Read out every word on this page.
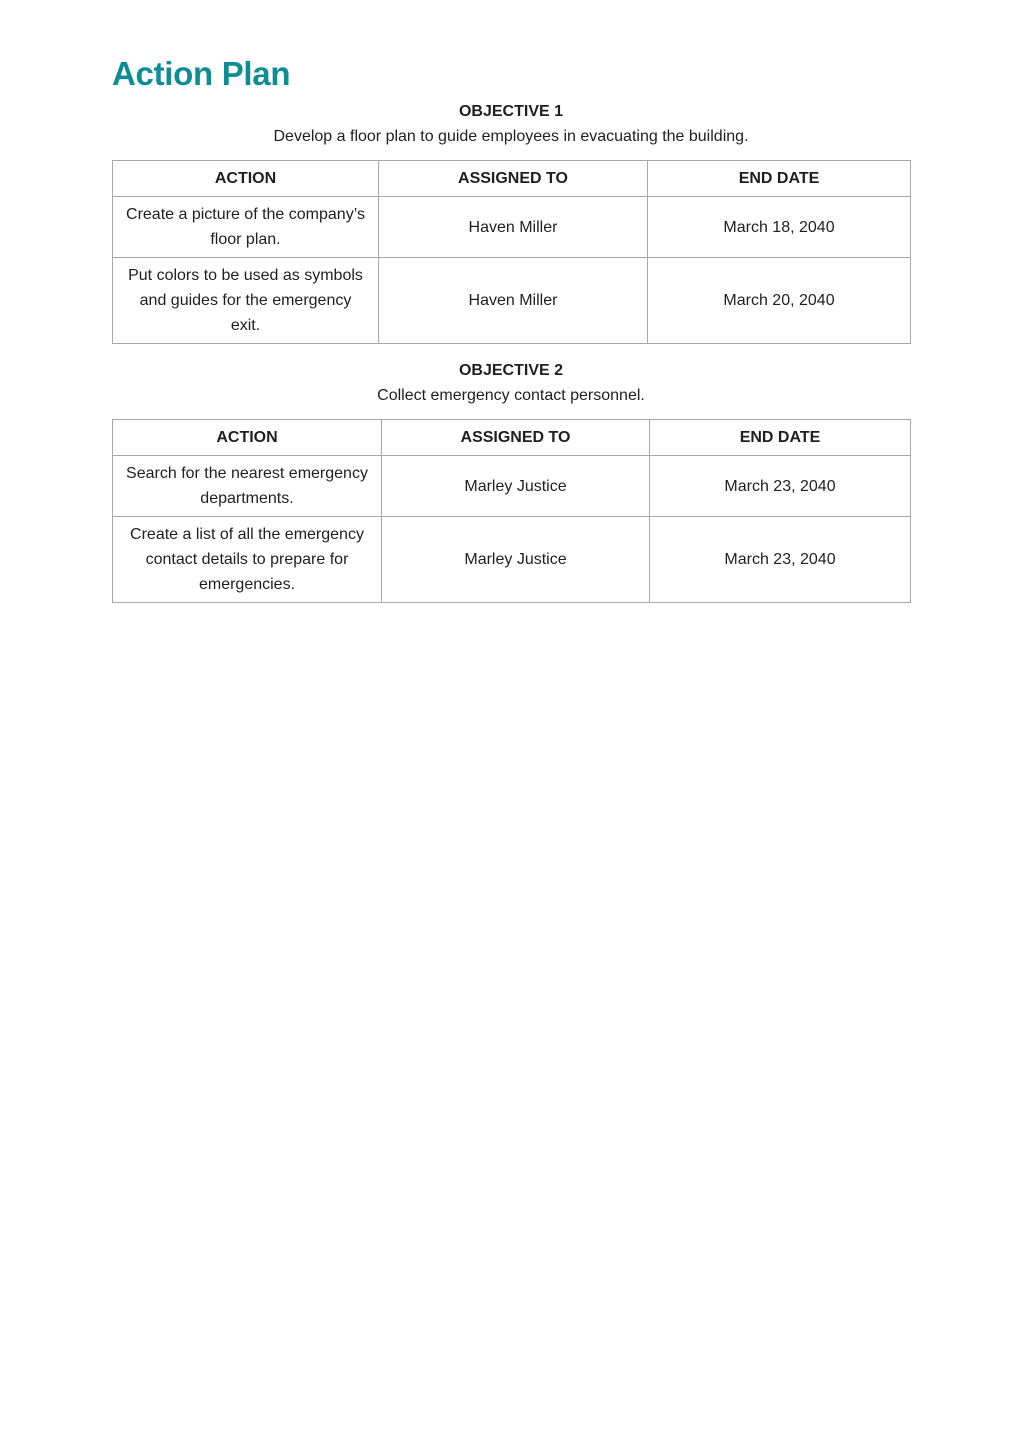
Action Plan
OBJECTIVE 1
Develop a floor plan to guide employees in evacuating the building.
ACTION	ASSIGNED TO	END DATE
Create a picture of the company’s floor plan.	Haven Miller	March 18, 2040
Put colors to be used as symbols and guides for the emergency exit.	Haven Miller	March 20, 2040
OBJECTIVE 2
Collect emergency contact personnel.
ACTION	ASSIGNED TO	END DATE
Search for the nearest emergency departments.	Marley Justice	March 23, 2040
Create a list of all the emergency contact details to prepare for emergencies.	Marley Justice	March 23, 2040
